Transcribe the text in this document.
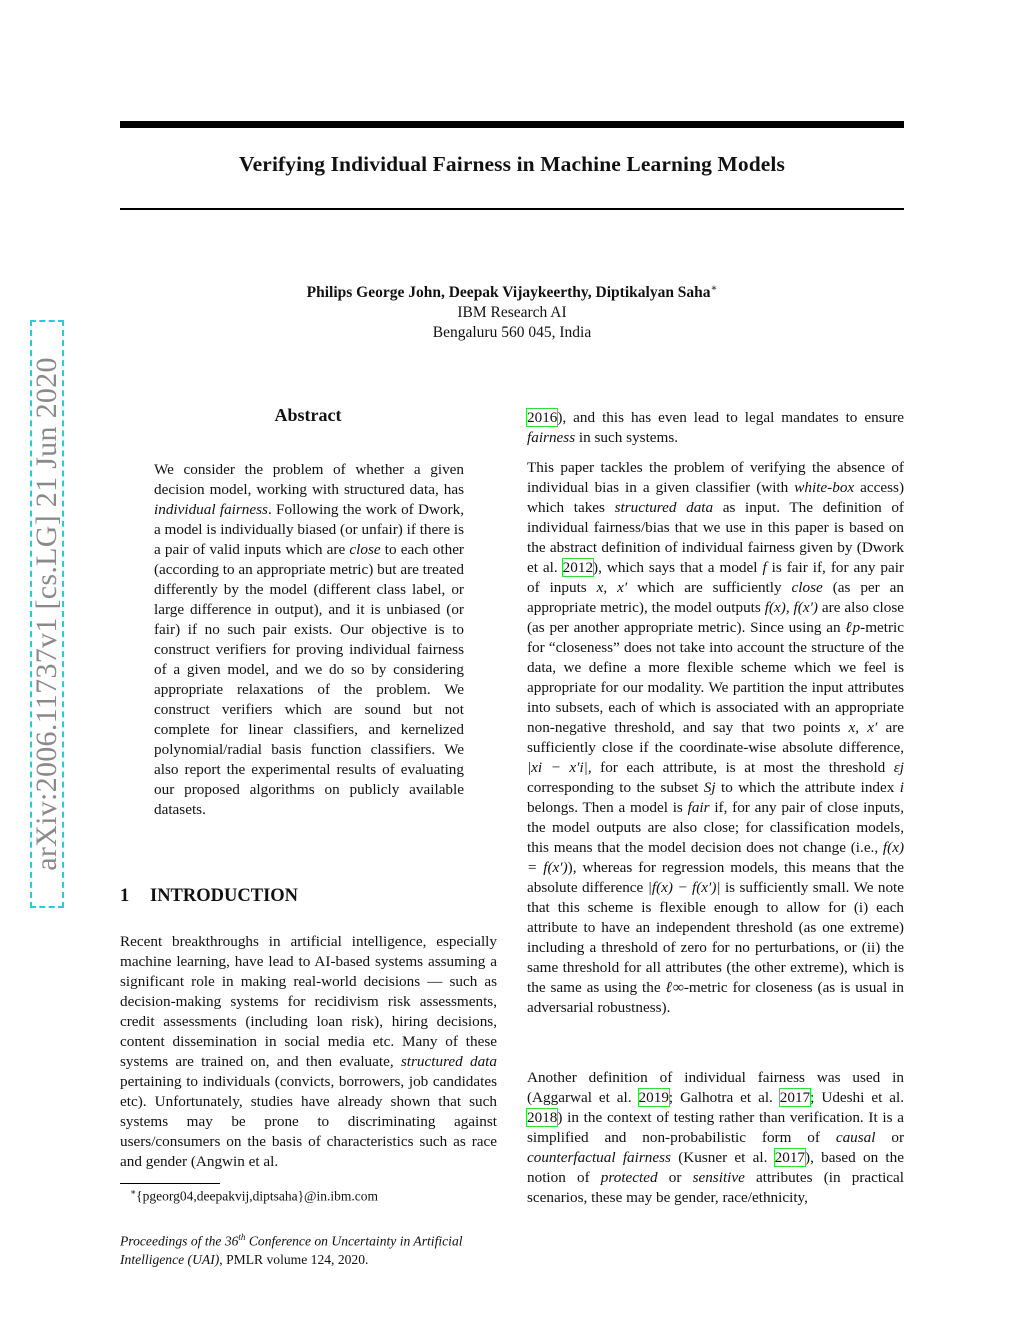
Verifying Individual Fairness in Machine Learning Models
Philips George John, Deepak Vijaykeerthy, Diptikalyan Saha∗
IBM Research AI
Bengaluru 560 045, India
arXiv:2006.11737v1 [cs.LG] 21 Jun 2020	Abstract

We consider the problem of whether a given decision model, working with structured data, has individual fairness. Following the work of Dwork, a model is individually biased (or unfair) if there is a pair of valid inputs which are close to each other (according to an appropriate metric) but are treated differently by the model (different class label, or large difference in output), and it is unbiased (or fair) if no such pair exists. Our objective is to construct verifiers for proving individual fairness of a given model, and we do so by considering appropriate relaxations of the problem. We construct verifiers which are sound but not complete for linear classifiers, and kernelized polynomial/radial basis function classifiers. We also report the experimental results of evaluating our proposed algorithms on publicly available datasets.

1 INTRODUCTION

Recent breakthroughs in artificial intelligence, especially machine learning, have lead to AI-based systems assuming a significant role in making real-world decisions — such as decision-making systems for recidivism risk assessments, credit assessments (including loan risk), hiring decisions, content dissemination in social media etc. Many of these systems are trained on, and then evaluate, structured data pertaining to individuals (convicts, borrowers, job candidates etc). Unfortunately, studies have already shown that such systems may be prone to discriminating against users/consumers on the basis of characteristics such as race and gender (Angwin et al.

∗{pgeorg04,deepakvij,diptsaha}@in.ibm.com
Proceedings of the 36th Conference on Uncertainty in Artificial Intelligence (UAI), PMLR volume 124, 2020.

2016), and this has even lead to legal mandates to ensure fairness in such systems.

This paper tackles the problem of verifying the absence of individual bias in a given classifier (with white-box access) which takes structured data as input. The definition of individual fairness/bias that we use in this paper is based on the abstract definition of individual fairness given by (Dwork et al. 2012), which says that a model f is fair if, for any pair of inputs x, x′ which are sufficiently close (as per an appropriate metric), the model outputs f(x), f(x′) are also close (as per another appropriate metric). Since using an ℓp-metric for “closeness” does not take into account the structure of the data, we define a more flexible scheme which we feel is appropriate for our modality. We partition the input attributes into subsets, each of which is associated with an appropriate non-negative threshold, and say that two points x, x′ are sufficiently close if the coordinate-wise absolute difference, |xi − x′i|, for each attribute, is at most the threshold εj corresponding to the subset Sj to which the attribute index i belongs. Then a model is fair if, for any pair of close inputs, the model outputs are also close; for classification models, this means that the model decision does not change (i.e., f(x) = f(x′)), whereas for regression models, this means that the absolute difference |f(x) − f(x′)| is sufficiently small. We note that this scheme is flexible enough to allow for (i) each attribute to have an independent threshold (as one extreme) including a threshold of zero for no perturbations, or (ii) the same threshold for all attributes (the other extreme), which is the same as using the ℓ∞-metric for closeness (as is usual in adversarial robustness).

Another definition of individual fairness was used in (Aggarwal et al. 2019; Galhotra et al. 2017; Udeshi et al. 2018) in the context of testing rather than verification. It is a simplified and non-probabilistic form of causal or counterfactual fairness (Kusner et al. 2017), based on the notion of protected or sensitive attributes (in practical scenarios, these may be gender, race/ethnicity,
